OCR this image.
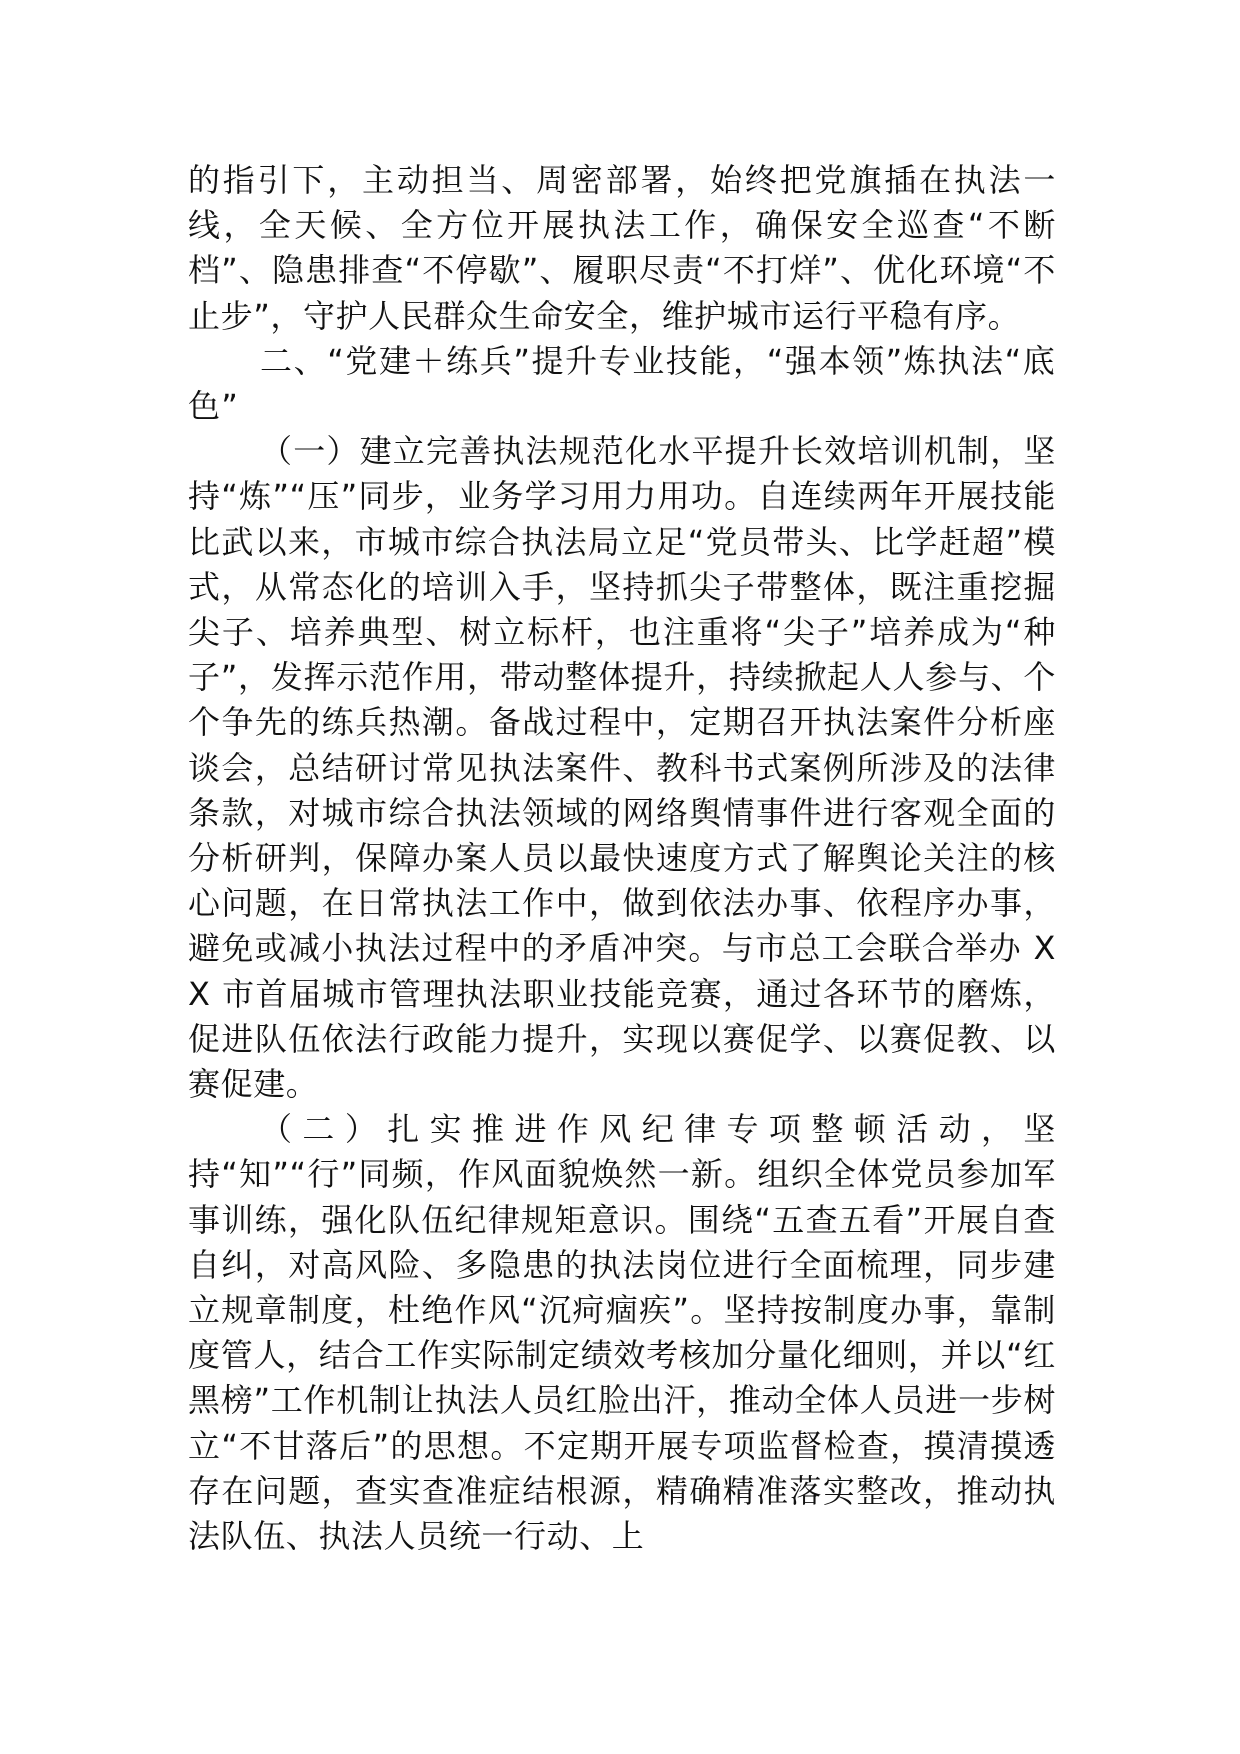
的指引下，主动担当、周密部署，始终把党旗插在执法一线，全天候、全方位开展执法工作，确保安全巡查“不断档”、隐患排查“不停歇”、履职尽责“不打烊”、优化环境“不止步”，守护人民群众生命安全，维护城市运行平稳有序。

二、“党建＋练兵”提升专业技能，“强本领”炼执法“底色”

（一）建立完善执法规范化水平提升长效培训机制，坚持“炼”“压”同步，业务学习用力用功。自连续两年开展技能比武以来，市城市综合执法局立足“党员带头、比学赶超”模式，从常态化的培训入手，坚持抓尖子带整体，既注重挖掘尖子、培养典型、树立标杆，也注重将“尖子”培养成为“种子”，发挥示范作用，带动整体提升，持续掀起人人参与、个个争先的练兵热潮。备战过程中，定期召开执法案件分析座谈会，总结研讨常见执法案件、教科书式案例所涉及的法律条款，对城市综合执法领域的网络舆情事件进行客观全面的分析研判，保障办案人员以最快速度方式了解舆论关注的核心问题，在日常执法工作中，做到依法办事、依程序办事，避免或减小执法过程中的矛盾冲突。与市总工会联合举办 XX 市首届城市管理执法职业技能竞赛，通过各环节的磨炼，促进队伍依法行政能力提升，实现以赛促学、以赛促教、以赛促建。

（二）扎实推进作风纪律专项整顿活动，坚持“知”“行”同频，作风面貌焕然一新。组织全体党员参加军事训练，强化队伍纪律规矩意识。围绕“五查五看”开展自查自纠，对高风险、多隐患的执法岗位进行全面梳理，同步建立规章制度，杜绝作风“沉疴痼疾”。坚持按制度办事，靠制度管人，结合工作实际制定绩效考核加分量化细则，并以“红黑榜”工作机制让执法人员红脸出汗，推动全体人员进一步树立“不甘落后”的思想。不定期开展专项监督检查，摸清摸透存在问题，查实查准症结根源，精确精准落实整改，推动执法队伍、执法人员统一行动、上
